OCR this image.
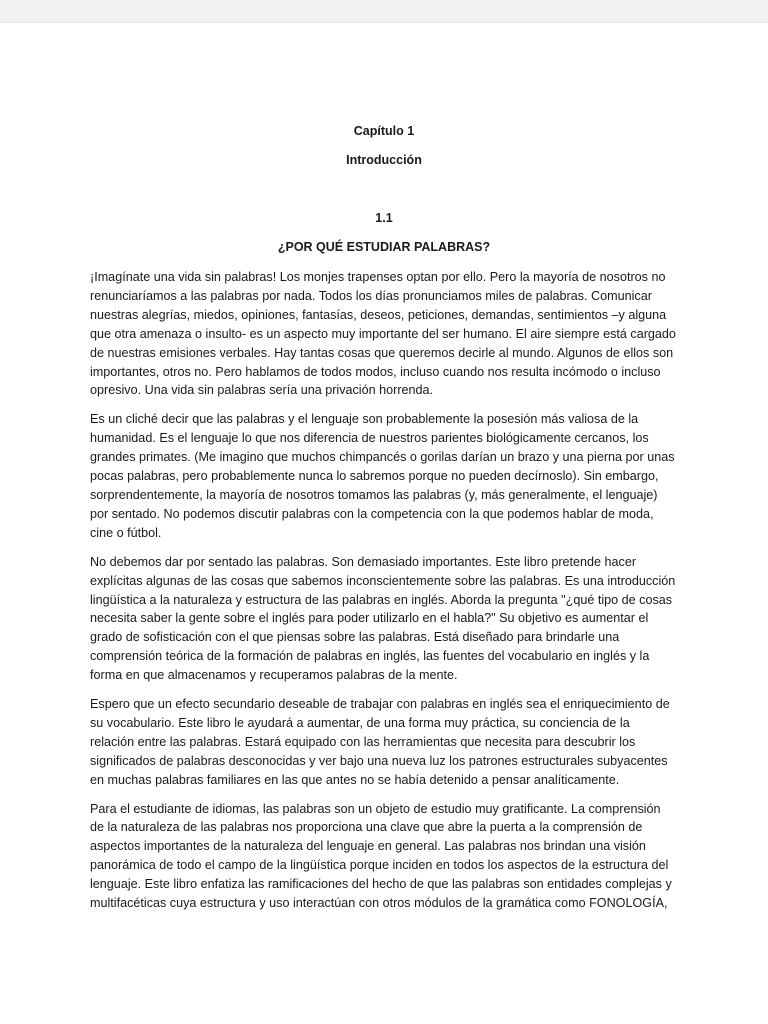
Capítulo 1
Introducción
1.1
¿POR QUÉ ESTUDIAR PALABRAS?

¡Imagínate una vida sin palabras! Los monjes trapenses optan por ello. Pero la mayoría de nosotros no renunciaríamos a las palabras por nada. Todos los días pronunciamos miles de palabras. Comunicar nuestras alegrías, miedos, opiniones, fantasías, deseos, peticiones, demandas, sentimientos –y alguna que otra amenaza o insulto- es un aspecto muy importante del ser humano. El aire siempre está cargado de nuestras emisiones verbales. Hay tantas cosas que queremos decirle al mundo. Algunos de ellos son importantes, otros no. Pero hablamos de todos modos, incluso cuando nos resulta incómodo o incluso opresivo. Una vida sin palabras sería una privación horrenda.

Es un cliché decir que las palabras y el lenguaje son probablemente la posesión más valiosa de la humanidad. Es el lenguaje lo que nos diferencia de nuestros parientes biológicamente cercanos, los grandes primates. (Me imagino que muchos chimpancés o gorilas darían un brazo y una pierna por unas pocas palabras, pero probablemente nunca lo sabremos porque no pueden decírnoslo). Sin embargo, sorprendentemente, la mayoría de nosotros tomamos las palabras (y, más generalmente, el lenguaje) por sentado. No podemos discutir palabras con la competencia con la que podemos hablar de moda, cine o fútbol.

No debemos dar por sentado las palabras. Son demasiado importantes. Este libro pretende hacer explícitas algunas de las cosas que sabemos inconscientemente sobre las palabras. Es una introducción lingüística a la naturaleza y estructura de las palabras en inglés. Aborda la pregunta "¿qué tipo de cosas necesita saber la gente sobre el inglés para poder utilizarlo en el habla?" Su objetivo es aumentar el grado de sofisticación con el que piensas sobre las palabras. Está diseñado para brindarle una comprensión teórica de la formación de palabras en inglés, las fuentes del vocabulario en inglés y la forma en que almacenamos y recuperamos palabras de la mente.

Espero que un efecto secundario deseable de trabajar con palabras en inglés sea el enriquecimiento de su vocabulario. Este libro le ayudará a aumentar, de una forma muy práctica, su conciencia de la relación entre las palabras. Estará equipado con las herramientas que necesita para descubrir los significados de palabras desconocidas y ver bajo una nueva luz los patrones estructurales subyacentes en muchas palabras familiares en las que antes no se había detenido a pensar analíticamente.

Para el estudiante de idiomas, las palabras son un objeto de estudio muy gratificante. La comprensión de la naturaleza de las palabras nos proporciona una clave que abre la puerta a la comprensión de aspectos importantes de la naturaleza del lenguaje en general. Las palabras nos brindan una visión panorámica de todo el campo de la lingüística porque inciden en todos los aspectos de la estructura del lenguaje. Este libro enfatiza las ramificaciones del hecho de que las palabras son entidades complejas y multifacéticas cuya estructura y uso interactúan con otros módulos de la gramática como FONOLOGÍA,
